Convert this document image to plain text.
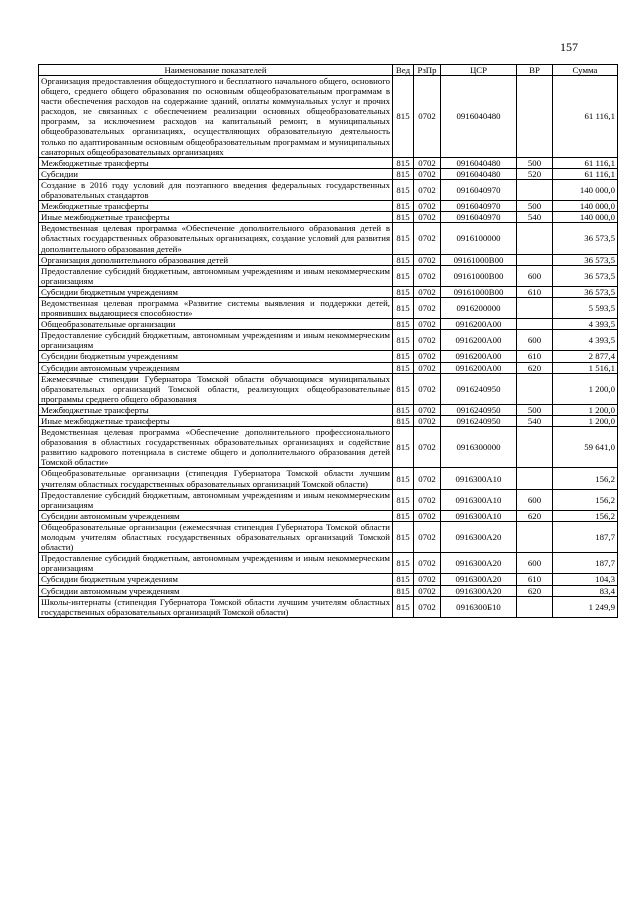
157
Наименование показателей	Вед	РзПр	ЦСР	ВР	Сумма
Организация предоставления общедоступного и бесплатного начального общего, основного общего, среднего общего образования по основным общеобразовательным программам в части обеспечения расходов на содержание зданий, оплаты коммунальных услуг и прочих расходов, не связанных с обеспечением реализации основных общеобразовательных программ, за исключением расходов на капитальный ремонт, в муниципальных общеобразовательных организациях, осуществляющих образовательную деятельность только по адаптированным основным общеобразовательным программам и муниципальных санаторных общеобразовательных организациях	815	0702	0916040480		61 116,1
Межбюджетные трансферты	815	0702	0916040480	500	61 116,1
Субсидии	815	0702	0916040480	520	61 116,1
Создание в 2016 году условий для поэтапного введения федеральных государственных образовательных стандартов	815	0702	0916040970		140 000,0
Межбюджетные трансферты	815	0702	0916040970	500	140 000,0
Иные межбюджетные трансферты	815	0702	0916040970	540	140 000,0
Ведомственная целевая программа «Обеспечение дополнительного образования детей в областных государственных образовательных организациях, создание условий для развития дополнительного образования детей»	815	0702	0916100000		36 573,5
Организация дополнительного образования детей	815	0702	09161000В00		36 573,5
Предоставление субсидий бюджетным, автономным учреждениям и иным некоммерческим организациям	815	0702	09161000В00	600	36 573,5
Субсидии бюджетным учреждениям	815	0702	09161000В00	610	36 573,5
Ведомственная целевая программа «Развитие системы выявления и поддержки детей, проявивших выдающиеся способности»	815	0702	0916200000		5 593,5
Общеобразовательные организации	815	0702	0916200А00		4 393,5
Предоставление субсидий бюджетным, автономным учреждениям и иным некоммерческим организациям	815	0702	0916200А00	600	4 393,5
Субсидии бюджетным учреждениям	815	0702	0916200А00	610	2 877,4
Субсидии автономным учреждениям	815	0702	0916200А00	620	1 516,1
Ежемесячные стипендии Губернатора Томской области обучающимся муниципальных образовательных организаций Томской области, реализующих общеобразовательные программы среднего общего образования	815	0702	0916240950		1 200,0
Межбюджетные трансферты	815	0702	0916240950	500	1 200,0
Иные межбюджетные трансферты	815	0702	0916240950	540	1 200,0
Ведомственная целевая программа «Обеспечение дополнительного профессионального образования в областных государственных образовательных организациях и содействие развитию кадрового потенциала в системе общего и дополнительного образования детей Томской области»	815	0702	0916300000		59 641,0
Общеобразовательные организации (стипендия Губернатора Томской области лучшим учителям областных государственных образовательных организаций Томской области)	815	0702	0916300А10		156,2
Предоставление субсидий бюджетным, автономным учреждениям и иным некоммерческим организациям	815	0702	0916300А10	600	156,2
Субсидии автономным учреждениям	815	0702	0916300А10	620	156,2
Общеобразовательные организации (ежемесячная стипендия Губернатора Томской области молодым учителям областных государственных образовательных организаций Томской области)	815	0702	0916300А20		187,7
Предоставление субсидий бюджетным, автономным учреждениям и иным некоммерческим организациям	815	0702	0916300А20	600	187,7
Субсидии бюджетным учреждениям	815	0702	0916300А20	610	104,3
Субсидии автономным учреждениям	815	0702	0916300А20	620	83,4
Школы-интернаты (стипендия Губернатора Томской области лучшим учителям областных государственных образовательных организаций Томской области)	815	0702	0916300Б10		1 249,9
